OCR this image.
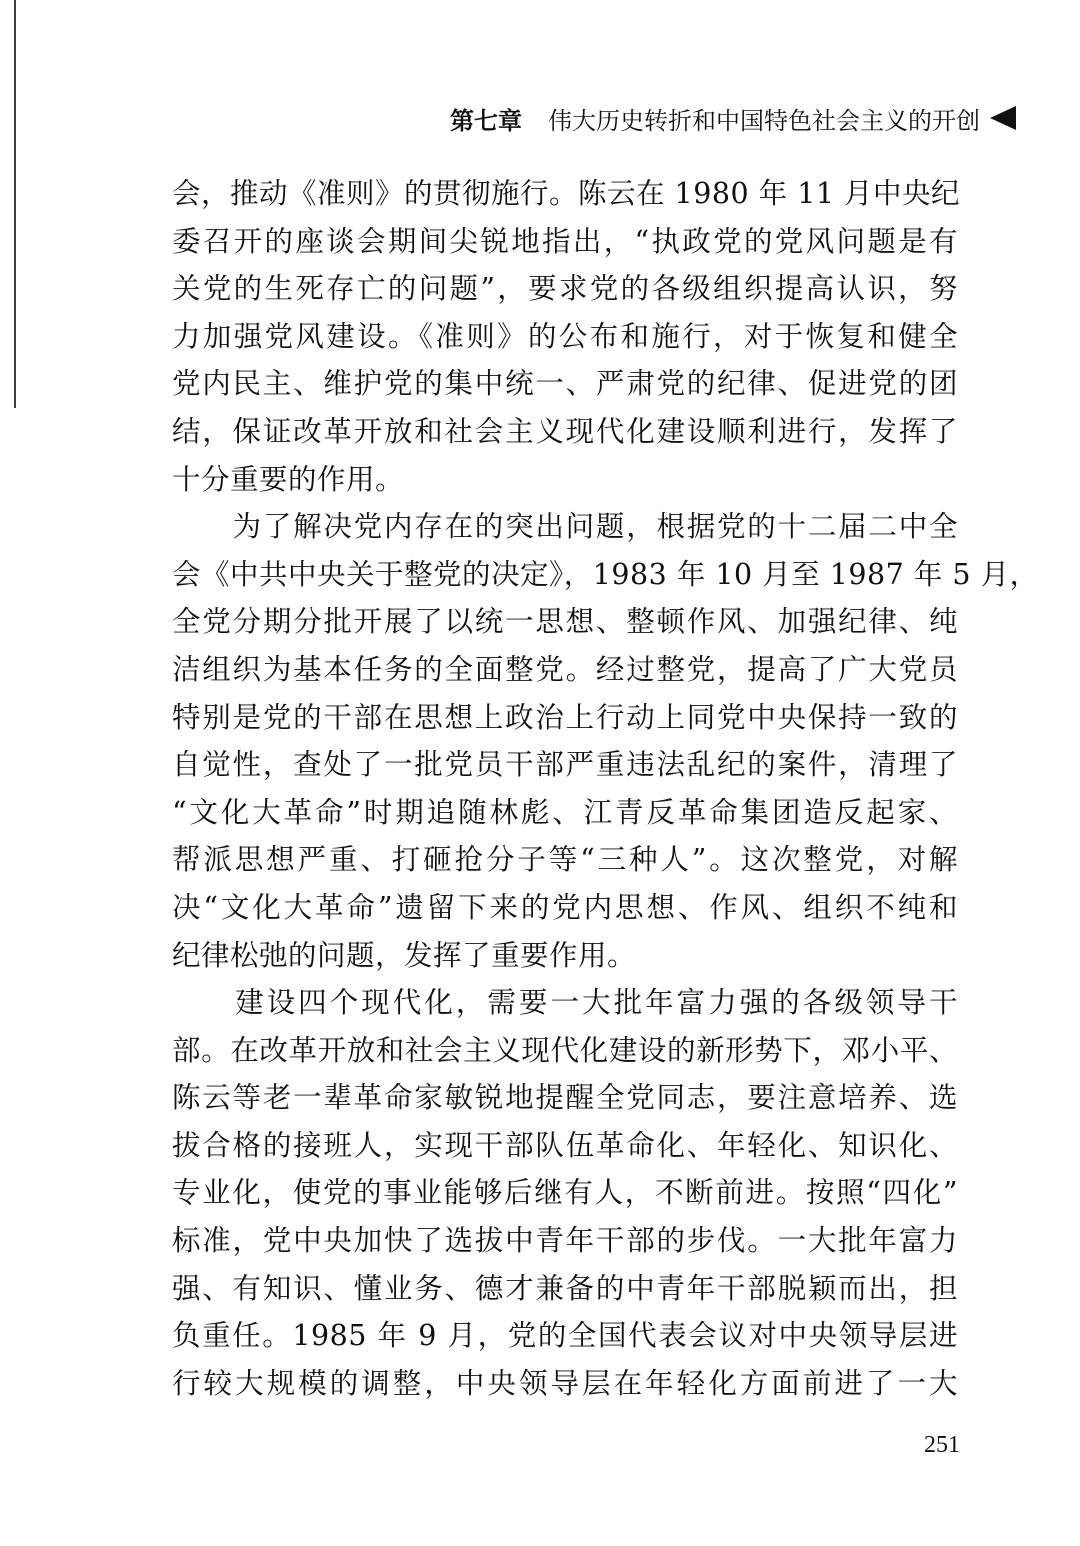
第七章 伟大历史转折和中国特色社会主义的开创
会，推动《准则》的贯彻施行。陈云在 1980 年 11 月中央纪
委召开的座谈会期间尖锐地指出，“执政党的党风问题是有
关党的生死存亡的问题”，要求党的各级组织提高认识，努
力加强党风建设。《准则》的公布和施行，对于恢复和健全
党内民主、维护党的集中统一、严肃党的纪律、促进党的团
结，保证改革开放和社会主义现代化建设顺利进行，发挥了
十分重要的作用。
　　为了解决党内存在的突出问题，根据党的十二届二中全
会《中共中央关于整党的决定》，1983 年 10 月至 1987 年 5 月，
全党分期分批开展了以统一思想、整顿作风、加强纪律、纯
洁组织为基本任务的全面整党。经过整党，提高了广大党员
特别是党的干部在思想上政治上行动上同党中央保持一致的
自觉性，查处了一批党员干部严重违法乱纪的案件，清理了
“文化大革命”时期追随林彪、江青反革命集团造反起家、
帮派思想严重、打砸抢分子等“三种人”。这次整党，对解
决“文化大革命”遗留下来的党内思想、作风、组织不纯和
纪律松弛的问题，发挥了重要作用。
　　建设四个现代化，需要一大批年富力强的各级领导干
部。在改革开放和社会主义现代化建设的新形势下，邓小平、
陈云等老一辈革命家敏锐地提醒全党同志，要注意培养、选
拔合格的接班人，实现干部队伍革命化、年轻化、知识化、
专业化，使党的事业能够后继有人，不断前进。按照“四化”
标准，党中央加快了选拔中青年干部的步伐。一大批年富力
强、有知识、懂业务、德才兼备的中青年干部脱颖而出，担
负重任。1985 年 9 月，党的全国代表会议对中央领导层进
行较大规模的调整，中央领导层在年轻化方面前进了一大
251
